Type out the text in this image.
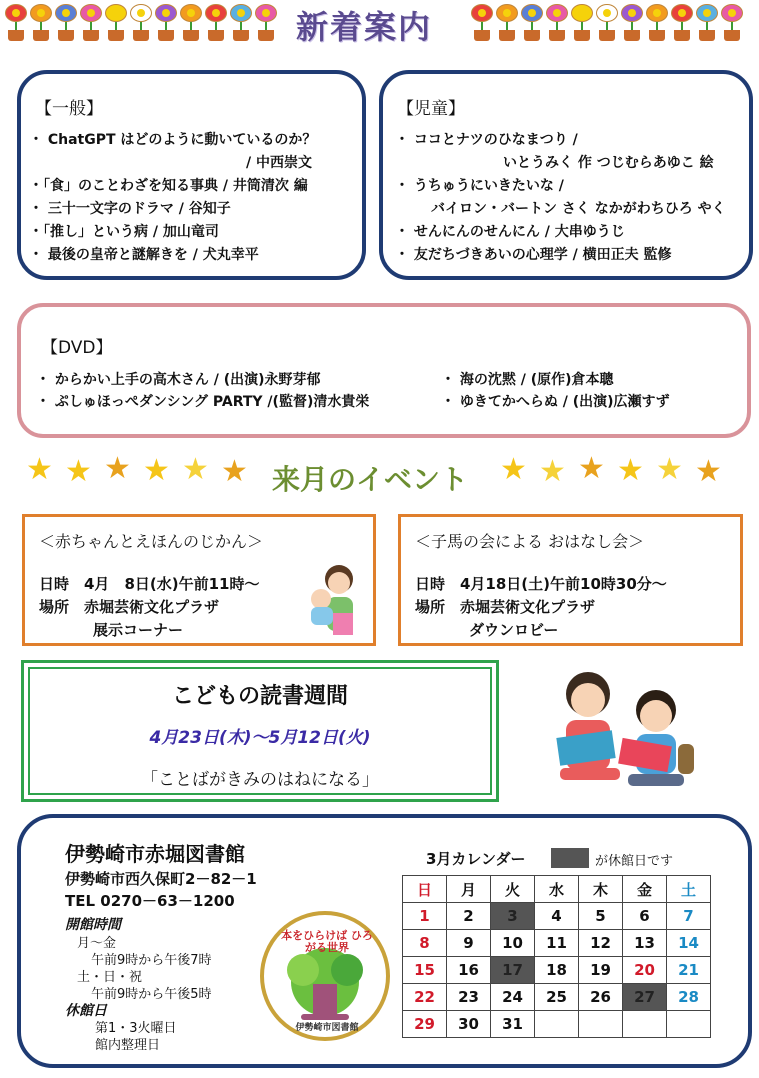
新着案内
【一般】
・ ChatGPT はどのように動いているのか？
/ 中西崇文
・「食」のことわざを知る事典 / 井筒清次 編
・ 三十一文字のドラマ / 谷知子
・「推し」という病 / 加山竜司
・ 最後の皇帝と謎解きを / 犬丸幸平
【児童】
・ ココとナツのひなまつり /
いとうみく 作 つじむらあゆこ 絵
・ うちゅうにいきたいな /
バイロン・バートン さく なかがわちひろ やく
・ せんにんのせんにん / 大串ゆうじ
・ 友だちづきあいの心理学 / 横田正夫 監修
【DVD】
・ からかい上手の高木さん / (出演)永野芽郁
・ ぷしゅほっぺダンシング PARTY /(監督)清水貴栄
・ 海の沈黙 / (原作)倉本聰
・ ゆきてかへらぬ / (出演)広瀬すず
★ ★ ★ ★ ★ ★ 来月のイベント ★ ★ ★ ★ ★ ★
＜赤ちゃんとえほんのじかん＞
日時　4月　8日(水)午前11時～
場所　赤堀芸術文化プラザ
展示コーナー
＜子馬の会による おはなし会＞
日時　4月18日(土)午前10時30分～
場所　赤堀芸術文化プラザ
ダウンロビー
こどもの読書週間
4月23日(木)～5月12日(火)
「ことばがきみのはねになる」
伊勢崎市赤堀図書館
伊勢崎市西久保町2－82－1
TEL 0270－63－1200
開館時間
月～金
午前9時から午後7時
土・日・祝
午前9時から午後5時
休館日
第1・3火曜日
館内整理日
本をひらけば ひろがる世界
伊勢崎市図書館
3月カレンダー	が休館日です
日	月	火	水	木	金	土
1	2	3	4	5	6	7
8	9	10	11	12	13	14
15	16	17	18	19	20	21
22	23	24	25	26	27	28
29	30	31				
